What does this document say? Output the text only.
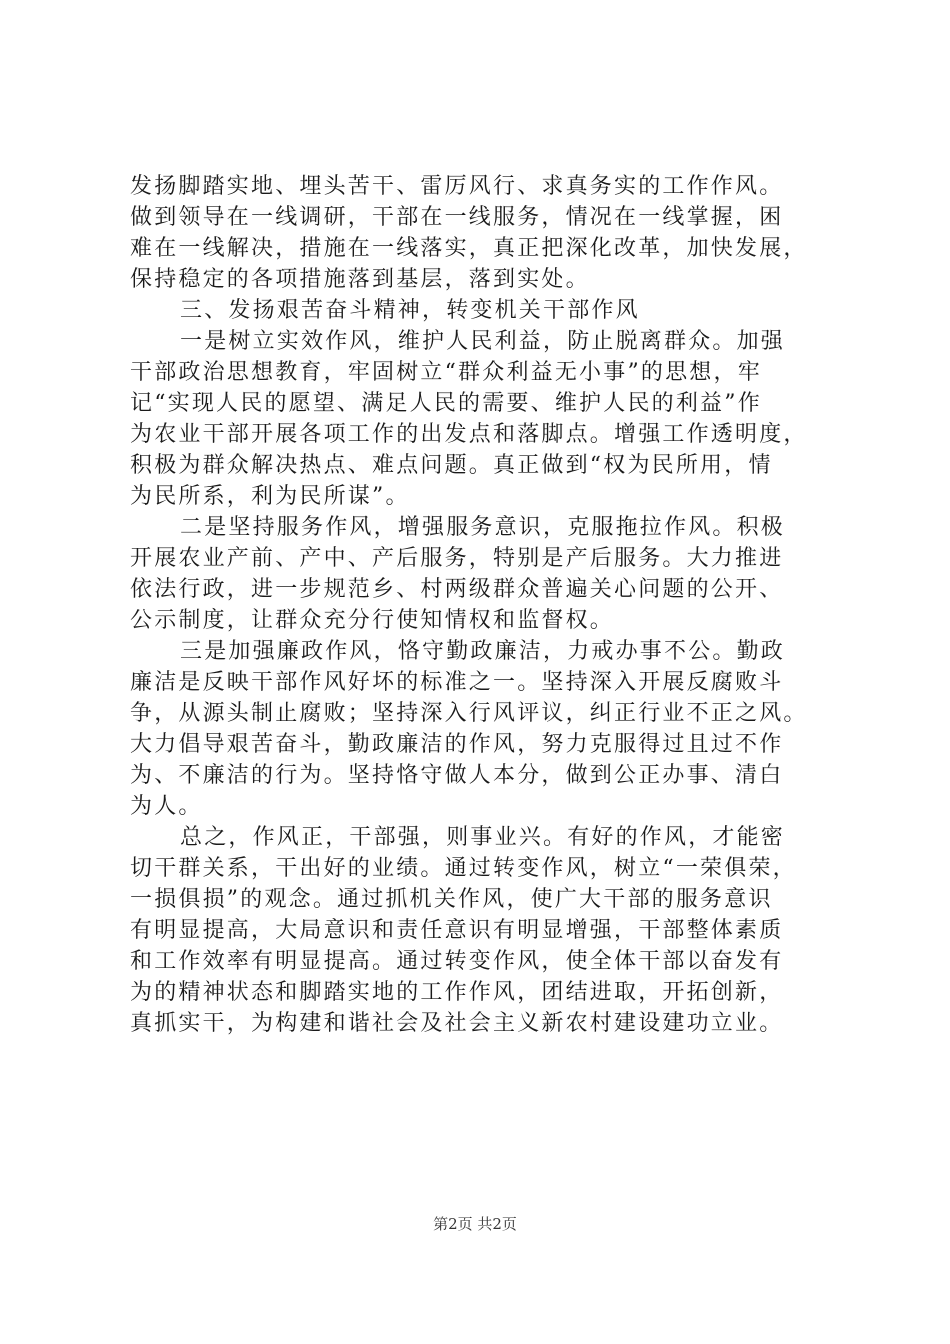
发扬脚踏实地、埋头苦干、雷厉风行、求真务实的工作作风。
做到领导在一线调研，干部在一线服务，情况在一线掌握，困
难在一线解决，措施在一线落实，真正把深化改革，加快发展，
保持稳定的各项措施落到基层，落到实处。
三、发扬艰苦奋斗精神，转变机关干部作风
一是树立实效作风，维护人民利益，防止脱离群众。加强
干部政治思想教育，牢固树立“群众利益无小事”的思想，牢
记“实现人民的愿望、满足人民的需要、维护人民的利益”作
为农业干部开展各项工作的出发点和落脚点。增强工作透明度，
积极为群众解决热点、难点问题。真正做到“权为民所用，情
为民所系，利为民所谋”。
二是坚持服务作风，增强服务意识，克服拖拉作风。积极
开展农业产前、产中、产后服务，特别是产后服务。大力推进
依法行政，进一步规范乡、村两级群众普遍关心问题的公开、
公示制度，让群众充分行使知情权和监督权。
三是加强廉政作风，恪守勤政廉洁，力戒办事不公。勤政
廉洁是反映干部作风好坏的标准之一。坚持深入开展反腐败斗
争，从源头制止腐败；坚持深入行风评议，纠正行业不正之风。
大力倡导艰苦奋斗，勤政廉洁的作风，努力克服得过且过不作
为、不廉洁的行为。坚持恪守做人本分，做到公正办事、清白
为人。
总之，作风正，干部强，则事业兴。有好的作风，才能密
切干群关系，干出好的业绩。通过转变作风，树立“一荣俱荣，
一损俱损”的观念。通过抓机关作风，使广大干部的服务意识
有明显提高，大局意识和责任意识有明显增强，干部整体素质
和工作效率有明显提高。通过转变作风，使全体干部以奋发有
为的精神状态和脚踏实地的工作作风，团结进取，开拓创新，
真抓实干，为构建和谐社会及社会主义新农村建设建功立业。
第2页 共2页
